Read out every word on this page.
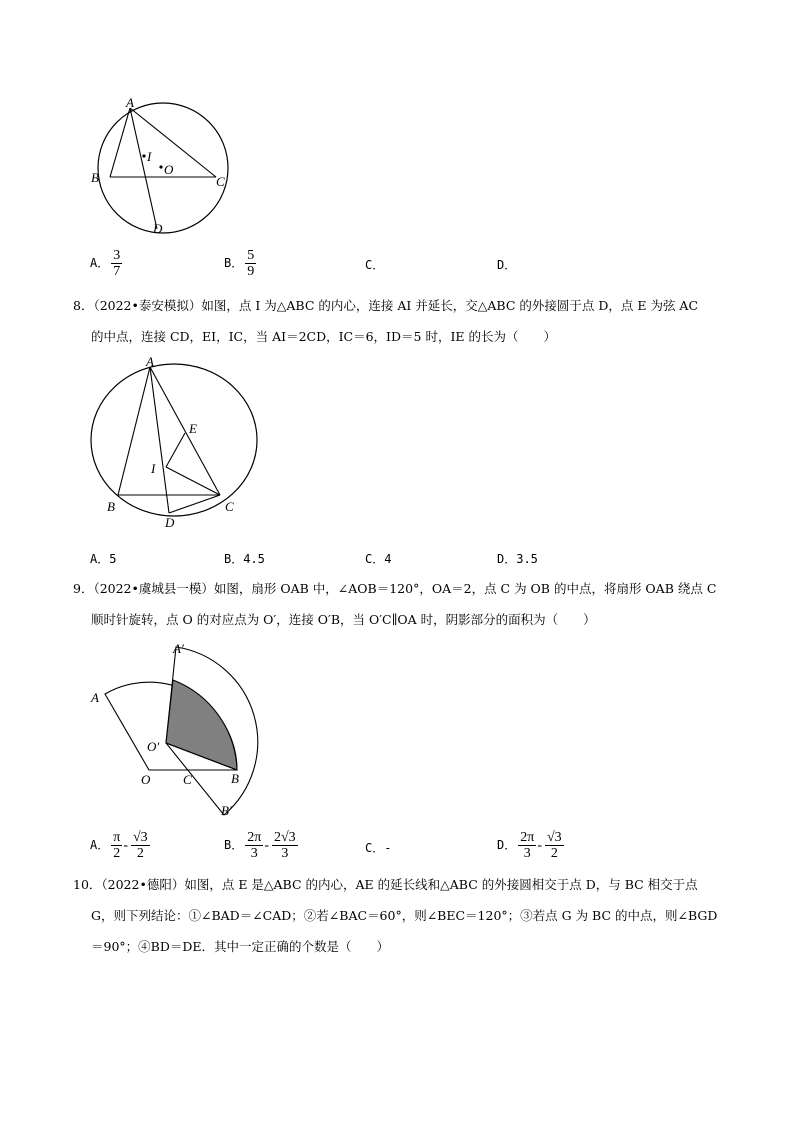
A
B	C
D
I
O
A． $\frac{3}{7}$	B． $\frac{5}{9}$	C．	D．
8．（2022•泰安模拟）如图，点 I 为△ABC 的内心，连接 AI 并延长，交△ABC 的外接圆于点 D，点 E 为弦 AC
的中点，连接 CD，EI，IC，当 AI＝2CD，IC＝6，ID＝5 时，IE 的长为（　　）
A
B	C
D
E
I
A．5	B．4.5	C．4	D．3.5
9．（2022•虞城县一模）如图，扇形 OAB 中，∠AOB＝120°，OA＝2，点 C 为 OB 的中点，将扇形 OAB 绕点 C
顺时针旋转，点 O 的对应点为 O′，连接 O′B，当 O′C∥OA 时，阴影部分的面积为（　　）
A
A′
O
O′
C	B
B′
A． $\frac{\pi}{2} - \frac{√3}{2}$	B． $\frac{2\pi}{3} - \frac{2√3}{3}$	C．-	D． $\frac{2\pi}{3} - \frac{√3}{2}$
10．（2022•德阳）如图，点 E 是△ABC 的内心，AE 的延长线和△ABC 的外接圆相交于点 D，与 BC 相交于点
G，则下列结论：①∠BAD＝∠CAD；②若∠BAC＝60°，则∠BEC＝120°；③若点 G 为 BC 的中点，则∠BGD
＝90°；④BD＝DE．其中一定正确的个数是（　　）
